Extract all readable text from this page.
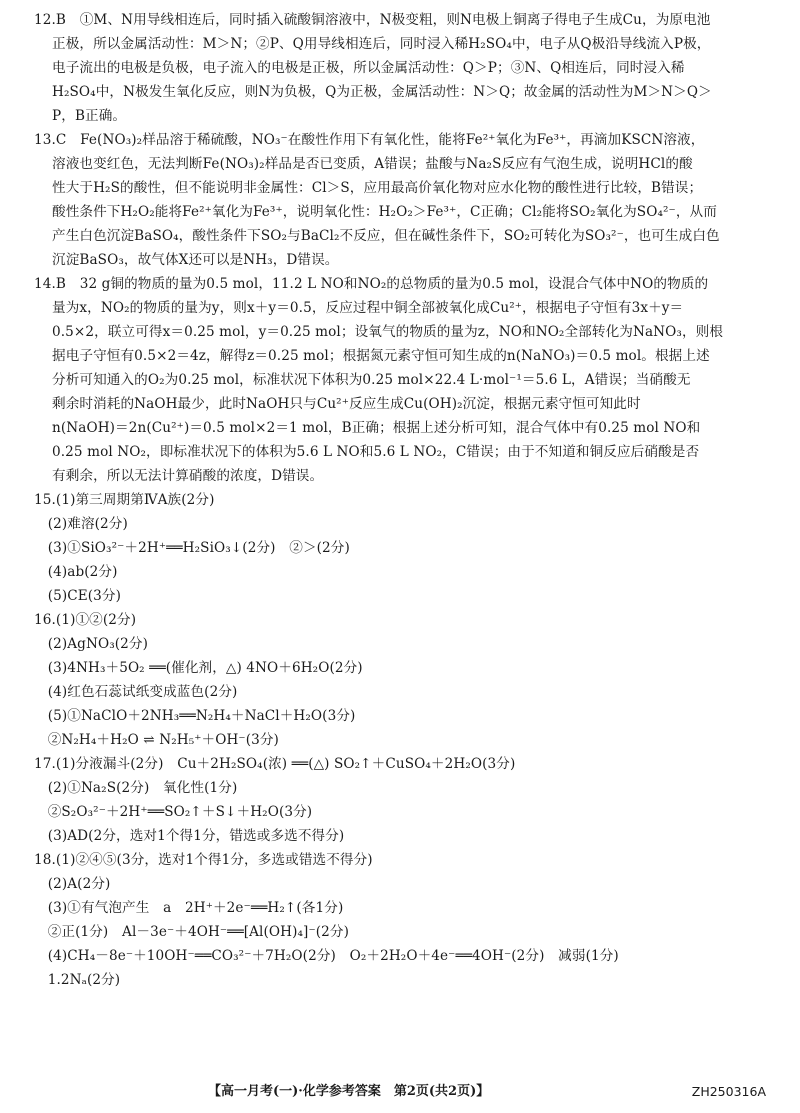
12.B　①M、N用导线相连后，同时插入硫酸铜溶液中，N极变粗，则N电极上铜离子得电子生成Cu，为原电池
正极，所以金属活动性：M＞N；②P、Q用导线相连后，同时浸入稀H₂SO₄中，电子从Q极沿导线流入P极，
电子流出的电极是负极，电子流入的电极是正极，所以金属活动性：Q＞P；③N、Q相连后，同时浸入稀
H₂SO₄中，N极发生氧化反应，则N为负极，Q为正极，金属活动性：N＞Q；故金属的活动性为M＞N＞Q＞
P，B正确。
13.C　Fe(NO₃)₂样品溶于稀硫酸，NO₃⁻在酸性作用下有氧化性，能将Fe²⁺氧化为Fe³⁺，再滴加KSCN溶液，
溶液也变红色，无法判断Fe(NO₃)₂样品是否已变质，A错误；盐酸与Na₂S反应有气泡生成，说明HCl的酸
性大于H₂S的酸性，但不能说明非金属性：Cl＞S，应用最高价氧化物对应水化物的酸性进行比较，B错误；
酸性条件下H₂O₂能将Fe²⁺氧化为Fe³⁺，说明氧化性：H₂O₂＞Fe³⁺，C正确；Cl₂能将SO₂氧化为SO₄²⁻，从而
产生白色沉淀BaSO₄，酸性条件下SO₂与BaCl₂不反应，但在碱性条件下，SO₂可转化为SO₃²⁻，也可生成白色
沉淀BaSO₃，故气体X还可以是NH₃，D错误。
14.B　32 g铜的物质的量为0.5 mol，11.2 L NO和NO₂的总物质的量为0.5 mol，设混合气体中NO的物质的
量为x，NO₂的物质的量为y，则x＋y＝0.5，反应过程中铜全部被氧化成Cu²⁺，根据电子守恒有3x＋y＝
0.5×2，联立可得x＝0.25 mol，y＝0.25 mol；设氧气的物质的量为z，NO和NO₂全部转化为NaNO₃，则根
据电子守恒有0.5×2＝4z，解得z＝0.25 mol；根据氮元素守恒可知生成的n(NaNO₃)＝0.5 mol。根据上述
分析可知通入的O₂为0.25 mol，标准状况下体积为0.25 mol×22.4 L·mol⁻¹＝5.6 L，A错误；当硝酸无
剩余时消耗的NaOH最少，此时NaOH只与Cu²⁺反应生成Cu(OH)₂沉淀，根据元素守恒可知此时
n(NaOH)＝2n(Cu²⁺)＝0.5 mol×2＝1 mol，B正确；根据上述分析可知，混合气体中有0.25 mol NO和
0.25 mol NO₂，即标准状况下的体积为5.6 L NO和5.6 L NO₂，C错误；由于不知道和铜反应后硝酸是否
有剩余，所以无法计算硝酸的浓度，D错误。
15.(1)第三周期第ⅣA族(2分)
　(2)难溶(2分)
　(3)①SiO₃²⁻＋2H⁺══H₂SiO₃↓(2分)　②＞(2分)
　(4)ab(2分)
　(5)CE(3分)
16.(1)①②(2分)
　(2)AgNO₃(2分)
　(3)4NH₃＋5O₂ ══(催化剂，△) 4NO＋6H₂O(2分)
　(4)红色石蕊试纸变成蓝色(2分)
　(5)①NaClO＋2NH₃══N₂H₄＋NaCl＋H₂O(3分)
　②N₂H₄＋H₂O ⇌ N₂H₅⁺＋OH⁻(3分)
17.(1)分液漏斗(2分)　Cu＋2H₂SO₄(浓) ══(△) SO₂↑＋CuSO₄＋2H₂O(3分)
　(2)①Na₂S(2分)　氧化性(1分)
　②S₂O₃²⁻＋2H⁺══SO₂↑＋S↓＋H₂O(3分)
　(3)AD(2分，选对1个得1分，错选或多选不得分)
18.(1)②④⑤(3分，选对1个得1分，多选或错选不得分)
　(2)A(2分)
　(3)①有气泡产生　a　2H⁺＋2e⁻══H₂↑(各1分)
　②正(1分)　Al－3e⁻＋4OH⁻══[Al(OH)₄]⁻(2分)
　(4)CH₄－8e⁻＋10OH⁻══CO₃²⁻＋7H₂O(2分)　O₂＋2H₂O＋4e⁻══4OH⁻(2分)　减弱(1分)
　1.2Nₐ(2分)
【高一月考(一)·化学参考答案　第2页(共2页)】	ZH250316A
